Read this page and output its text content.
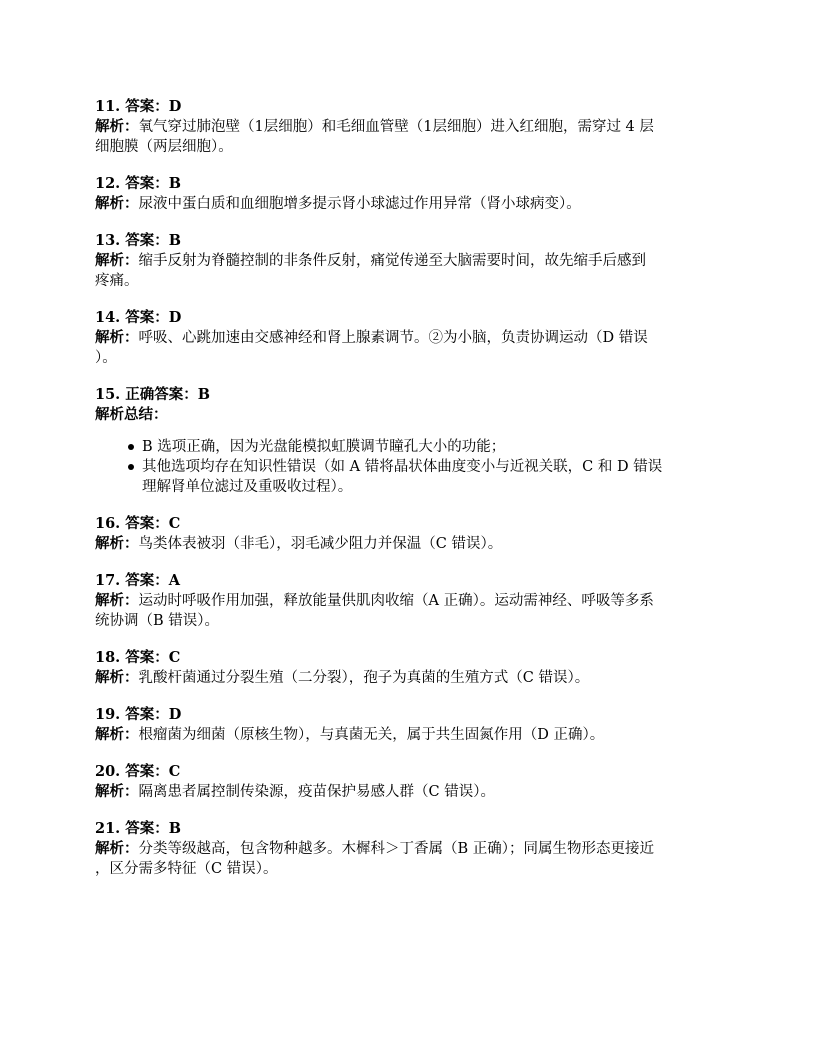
11. 答案：D
解析：氧气穿过肺泡壁（1层细胞）和毛细血管壁（1层细胞）进入红细胞，需穿过 4 层
细胞膜（两层细胞）。
12. 答案：B
解析：尿液中蛋白质和血细胞增多提示肾小球滤过作用异常（肾小球病变）。
13. 答案：B
解析：缩手反射为脊髓控制的非条件反射，痛觉传递至大脑需要时间，故先缩手后感到
疼痛。
14. 答案：D
解析：呼吸、心跳加速由交感神经和肾上腺素调节。②为小脑，负责协调运动（D 错误
）。
15. 正确答案：B
解析总结：
B 选项正确，因为光盘能模拟虹膜调节瞳孔大小的功能；
其他选项均存在知识性错误（如 A 错将晶状体曲度变小与近视关联，C 和 D 错误
理解肾单位滤过及重吸收过程）。
16. 答案：C
解析：鸟类体表被羽（非毛），羽毛减少阻力并保温（C 错误）。
17. 答案：A
解析：运动时呼吸作用加强，释放能量供肌肉收缩（A 正确）。运动需神经、呼吸等多系
统协调（B 错误）。
18. 答案：C
解析：乳酸杆菌通过分裂生殖（二分裂），孢子为真菌的生殖方式（C 错误）。
19. 答案：D
解析：根瘤菌为细菌（原核生物），与真菌无关，属于共生固氮作用（D 正确）。
20. 答案：C
解析：隔离患者属控制传染源，疫苗保护易感人群（C 错误）。
21. 答案：B
解析：分类等级越高，包含物种越多。木樨科＞丁香属（B 正确）；同属生物形态更接近
，区分需多特征（C 错误）。
